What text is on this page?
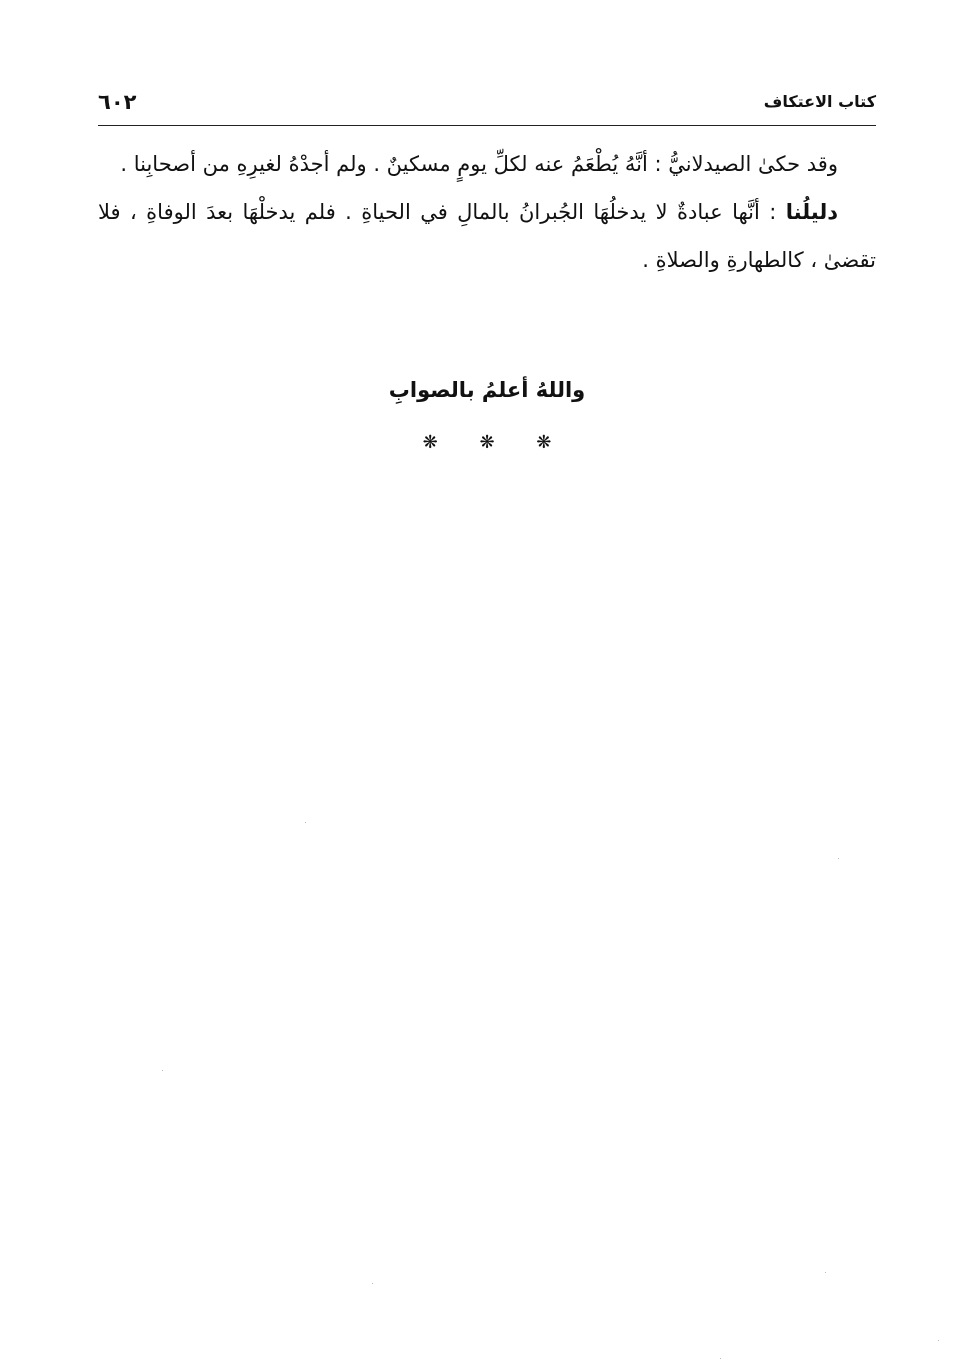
٦٠٢	كتاب الاعتكاف

وقد حكىٰ الصيدلانيُّ : أنَّهُ يُطْعَمُ عنه لكلِّ يومٍ مسكينٌ . ولم أجدْهُ لغيرِهِ من أصحابِنا .

دليلُنا : أنَّها عبادةٌ لا يدخلُهَا الجُبرانُ بالمالِ في الحياةِ . فلم يدخلْهَا بعدَ الوفاةِ ، فلا تقضىٰ ، كالطهارةِ والصلاةِ .

واللهُ أعلمُ بالصوابِ
❋ ❋ ❋
